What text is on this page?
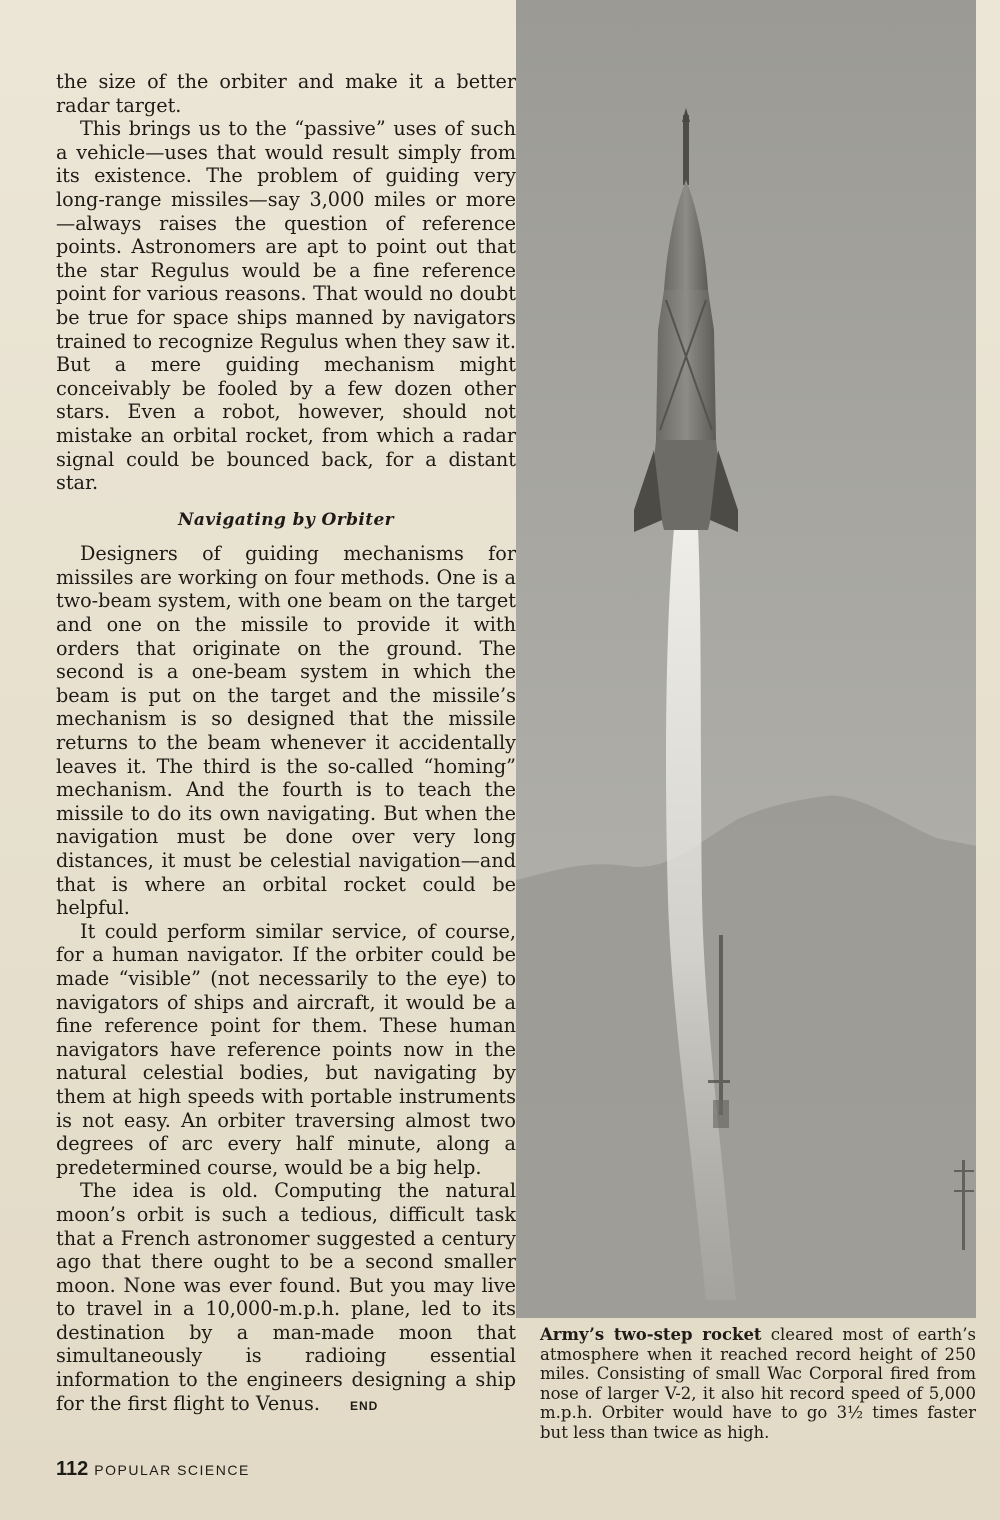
the size of the orbiter and make it a better radar target.

This brings us to the “passive” uses of such a vehicle—uses that would result simply from its existence. The problem of guiding very long-range missiles—say 3,000 miles or more—always raises the question of reference points. Astronomers are apt to point out that the star Regulus would be a fine reference point for various reasons. That would no doubt be true for space ships manned by navigators trained to recognize Regulus when they saw it. But a mere guiding mechanism might conceivably be fooled by a few dozen other stars. Even a robot, however, should not mistake an orbital rocket, from which a radar signal could be bounced back, for a distant star.

Navigating by Orbiter

Designers of guiding mechanisms for missiles are working on four methods. One is a two-beam system, with one beam on the target and one on the missile to provide it with orders that originate on the ground. The second is a one-beam system in which the beam is put on the target and the missile’s mechanism is so designed that the missile returns to the beam whenever it accidentally leaves it. The third is the so-called “homing” mechanism. And the fourth is to teach the missile to do its own navigating. But when the navigation must be done over very long distances, it must be celestial navigation—and that is where an orbital rocket could be helpful.

It could perform similar service, of course, for a human navigator. If the orbiter could be made “visible” (not necessarily to the eye) to navigators of ships and aircraft, it would be a fine reference point for them. These human navigators have reference points now in the natural celestial bodies, but navigating by them at high speeds with portable instruments is not easy. An orbiter traversing almost two degrees of arc every half minute, along a predetermined course, would be a big help.

The idea is old. Computing the natural moon’s orbit is such a tedious, difficult task that a French astronomer suggested a century ago that there ought to be a second smaller moon. None was ever found. But you may live to travel in a 10,000-m.p.h. plane, led to its destination by a man-made moon that simultaneously is radioing essential information to the engineers designing a ship for the first flight to Venus.	END

Army’s two-step rocket cleared most of earth’s atmosphere when it reached record height of 250 miles. Consisting of small Wac Corporal fired from nose of larger V-2, it also hit record speed of 5,000 m.p.h. Orbiter would have to go 3½ times faster but less than twice as high.
112 POPULAR SCIENCE
